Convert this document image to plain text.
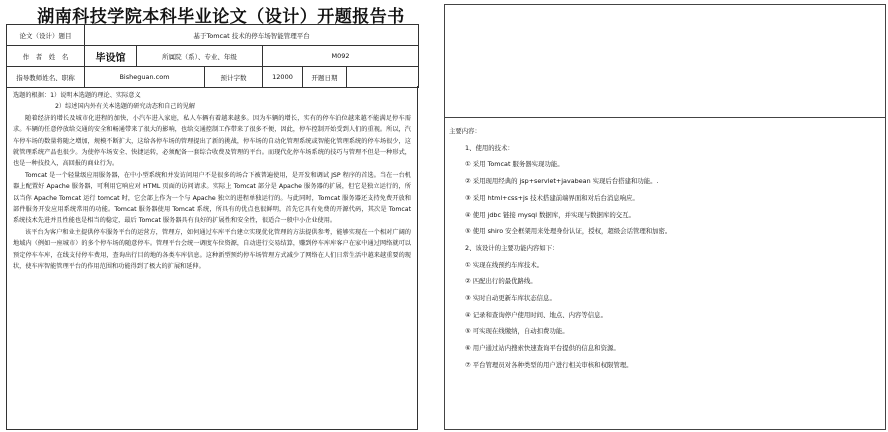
湖南科技学院本科毕业论文（设计）开题报告书
论文（设计）题目	基于Tomcat 技术的停车场智能管理平台					
作　者　姓　名	毕设馆	所属院（系）、专业、年级		M092		
指导教师姓名、职称	Bisheguan.com		预计字数	12000	开题日期	

选题的根据：1）说明本选题的理论、实际意义

2）综述国内外有关本选题的研究动态和自己的见解

随着经济的增长及城市化进程的加快，小汽车进入家庭，私人车辆有着越来越多。因为车辆的增长，实有的停车泊位越来越不能满足停车需求。车辆的任意停放给交通的安全和畅通带来了很大的影响，也给交通控制工作带来了很多不便，因此，停车控制开始受到人们的重视。所以，汽车停车场的数量将随之增加，规模不断扩大，这给各停车场的管理提出了新的挑战，停车场的自动化管理系统或智能化管理系统的停车场很少，这就管理系统产品也很少。为使停车场安全、快捷运转，必须配备一套综合收费及管理的平台。而现代化停车场系统的技巧与管理不但是一种形式，也是一种技投入，高回报的商业行为。

Tomcat 是一个轻量级应用服务器，在中小型系统和并发访问用户不是很多的场合下被普遍使用，是开发和调试 JSP 程序的首选。当在一台机器上配置好 Apache 服务器，可利用它响应对 HTML 页面的访问请求。实际上 Tomcat 部分是 Apache 服务器的扩展，但它是独立运行的，所以当你 Apache Tomcat 运行 tomcat 时，它会部上作为一个与 Apache 独立的进程单独运行的。与此同时，Tomcat 服务器还支持免费开放和部件服务开发应用系统常用的功能。Tomcat 服务器使用 Tomcat 系统，所具有的优点也很鲜明，首先它具有免费的开源代码，其次是 Tomcat 系统技术先进并且性能也是相当的稳定，最后 Tomcat 服务器具有良好的扩展性和安全性，很适合一般中小企业使用。

该平台为客户和业主提供停车服务平台的运营方，管理方，如何通过车库平台建立实现优化管理的方法提供参考，能够实现在一个相对广阔的地域内（例如一座城市）的多个停车场的随意停车。管理平台会统一调度车位资源，自动进行交易结算，赚到停车库库客户在家中通过网络就可以预定停车车库，在线支付停车费用，查询出行目的地的各类车库信息。这种新型预约停车场管理方式减少了网络在人们日常生活中越来越重要的现状，使车库智能管理平台的作用范围和功能得到了极大的扩展和延伸。

主要内容：

1、使用的技术：

① 采用 Tomcat 服务器实现功能。

② 采用现用经典的 jsp+servlet+javabean 实现后台搭建和功能。.

③ 采用 html+css+js 技术搭建前端界面和对后台消息响应。

④ 使用 jdbc 链接 mysql 数据库，并实现与数据库的交互。

⑤ 使用 shiro 安全框架用来处理身份认证，授权，超级会话管理和加密。

2、该设计的主要功能内容如下：

① 实现在线预约车库技术。

② 匹配出行的最优路线。

③ 实时自动更新车库状态信息。

④ 记录和查询停户使用时间、地点、内容等信息。

⑤ 可实现在线缴纳，自动扣费功能。

⑥ 用户通过站内搜索快速查询平台提供的信息和资源。

⑦ 平台管理员对各种类型的用户进行相关审核和权限管理。
